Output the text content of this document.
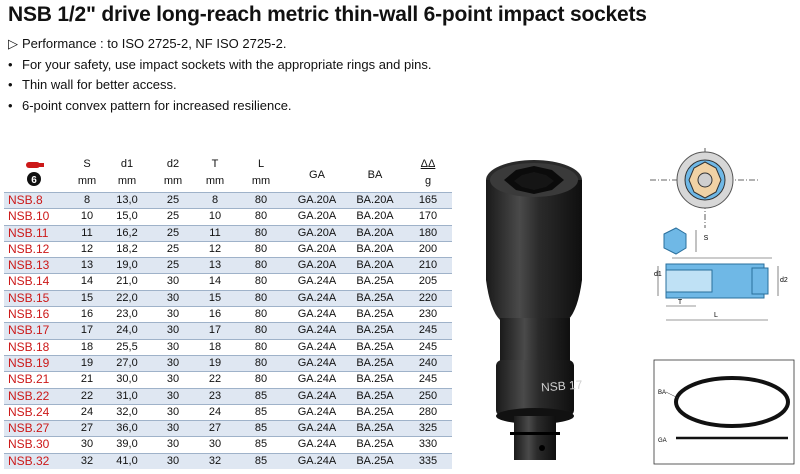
NSB 1/2" drive long-reach metric thin-wall 6-point impact sockets
▷ Performance : to ISO 2725-2, NF ISO 2725-2.
• For your safety, use impact sockets with the appropriate rings and pins.
• Thin wall for better access.
• 6-point convex pattern for increased resilience.
6	S	d1	d2	T	L	GA	BA	ΔΔ
	mm	mm	mm	mm	mm			g
NSB.8	8	13,0	25	8	80	GA.20A	BA.20A	165
NSB.10	10	15,0	25	10	80	GA.20A	BA.20A	170
NSB.11	11	16,2	25	11	80	GA.20A	BA.20A	180
NSB.12	12	18,2	25	12	80	GA.20A	BA.20A	200
NSB.13	13	19,0	25	13	80	GA.20A	BA.20A	210
NSB.14	14	21,0	30	14	80	GA.24A	BA.25A	205
NSB.15	15	22,0	30	15	80	GA.24A	BA.25A	220
NSB.16	16	23,0	30	16	80	GA.24A	BA.25A	230
NSB.17	17	24,0	30	17	80	GA.24A	BA.25A	245
NSB.18	18	25,5	30	18	80	GA.24A	BA.25A	245
NSB.19	19	27,0	30	19	80	GA.24A	BA.25A	240
NSB.21	21	30,0	30	22	80	GA.24A	BA.25A	245
NSB.22	22	31,0	30	23	85	GA.24A	BA.25A	250
NSB.24	24	32,0	30	24	85	GA.24A	BA.25A	280
NSB.27	27	36,0	30	27	85	GA.24A	BA.25A	325
NSB.30	30	39,0	30	30	85	GA.24A	BA.25A	330
NSB.32	32	41,0	30	32	85	GA.24A	BA.25A	335
NSB 17
S
d1
d2
T
L
BA
GA
